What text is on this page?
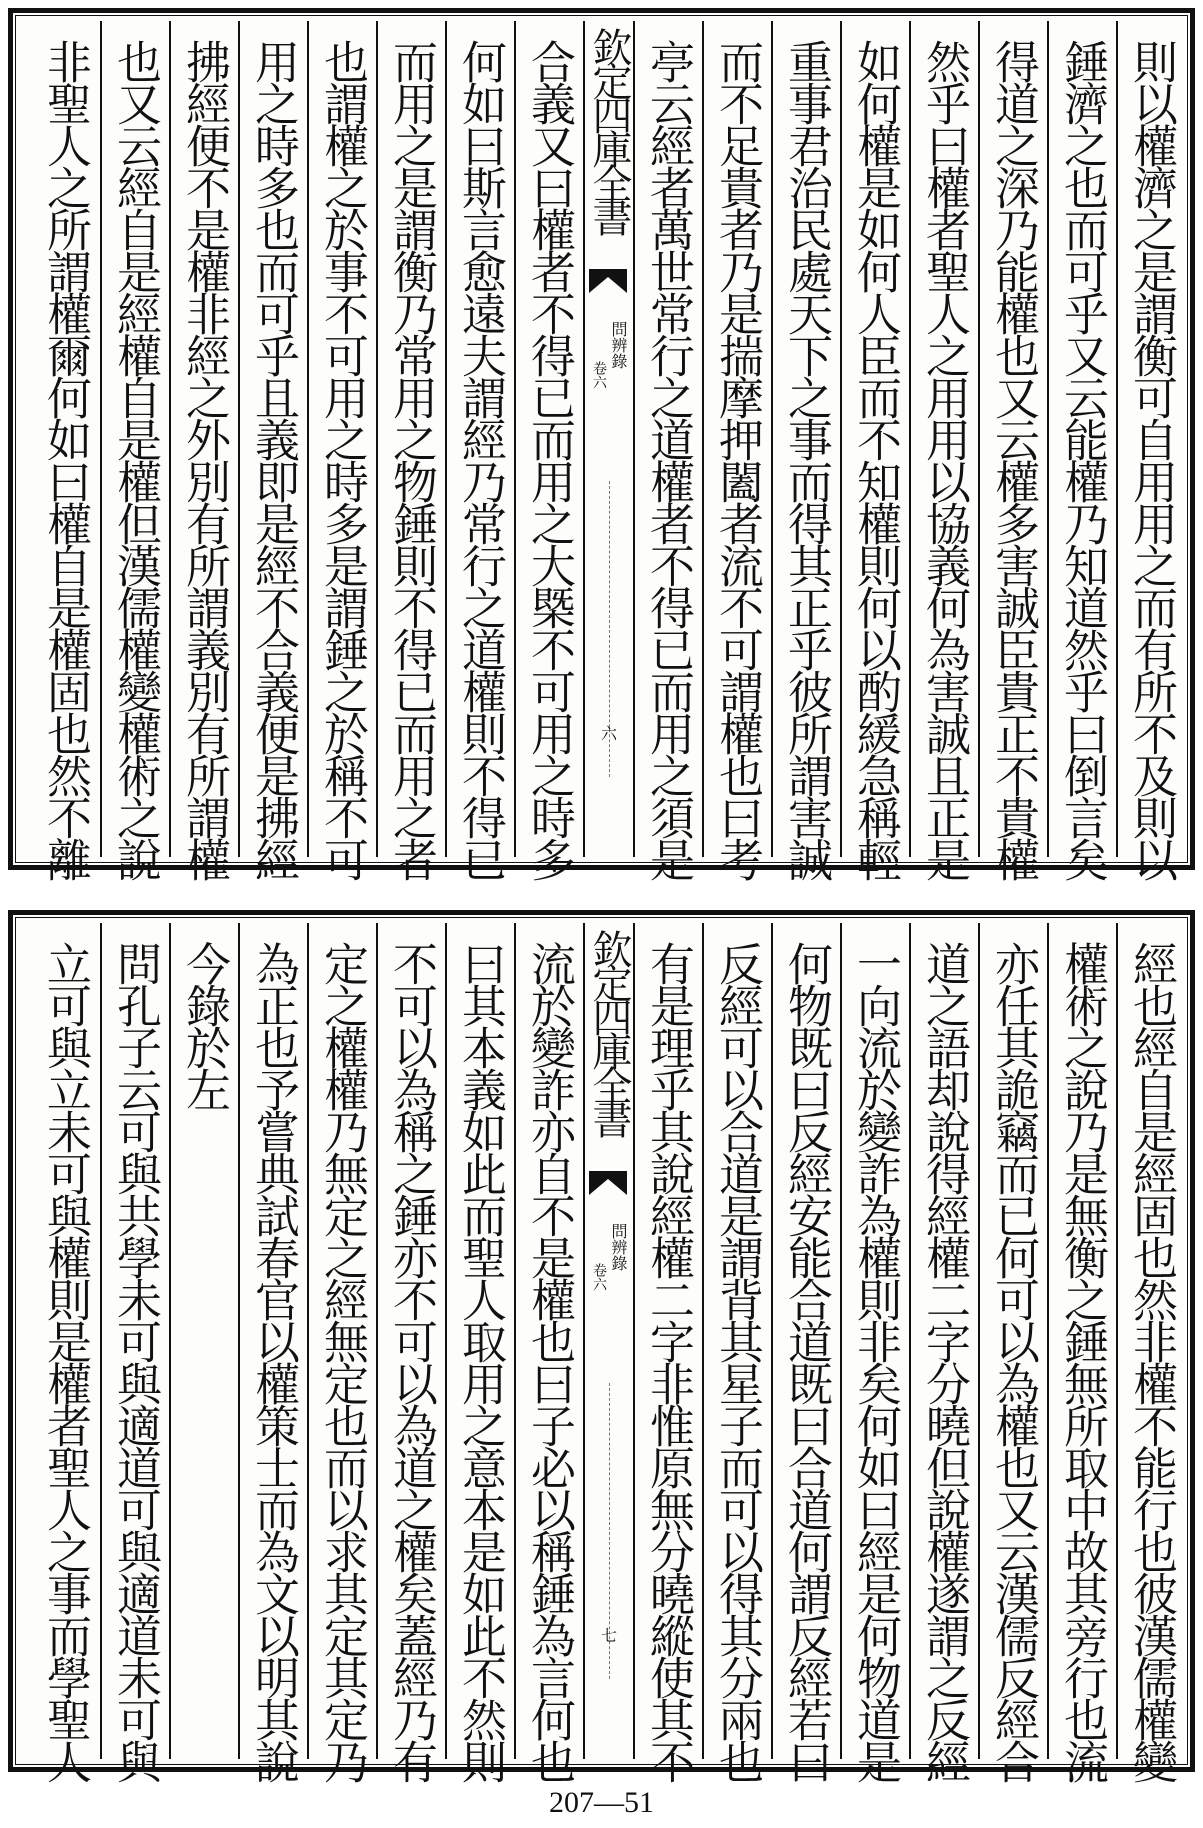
非聖人之所謂權爾何如曰權自是權固也然不離 也又云經自是經權自是權但漢儒權變權術之說 拂經便不是權非經之外別有所謂義別有所謂權 用之時多也而可乎且義即是經不合義便是拂經 也謂權之於事不可用之時多是謂錘之於稱不可 而用之是謂衡乃常用之物錘則不得已而用之者 何如曰斯言愈遠夫謂經乃常行之道權則不得已 合義又曰權者不得已而用之大槩不可用之時多 欽定四庫全書
問辨錄
卷六
六 亭云經者萬世常行之道權者不得已而用之須是 而不足貴者乃是揣摩押闔者流不可謂權也曰考 重事君治民處天下之事而得其正乎彼所謂害誠 如何權是如何人臣而不知權則何以酌緩急稱輕 然乎曰權者聖人之用用以協義何為害誠且正是 得道之深乃能權也又云權多害誠臣貴正不貴權 錘濟之也而可乎又云能權乃知道然乎曰倒言矣 則以權濟之是謂衡可自用用之而有所不及則以
立可與立未可與權則是權者聖人之事而學聖人 問孔子云可與共學未可與適道可與適道未可與 今錄於左 為正也予嘗典試春官以權策士而為文以明其說 定之權權乃無定之經無定也而以求其定其定乃 不可以為稱之錘亦不可以為道之權矣蓋經乃有 曰其本義如此而聖人取用之意本是如此不然則 流於變詐亦自不是權也曰子必以稱錘為言何也 欽定四庫全書
問辨錄
卷六
七 有是理乎其說經權二字非惟原無分曉縱使其不 反經可以合道是謂背其星子而可以得其分兩也 何物既曰反經安能合道既曰合道何謂反經若曰 一向流於變詐為權則非矣何如曰經是何物道是 道之語却說得經權二字分曉但說權遂謂之反經 亦任其詭竊而已何可以為權也又云漢儒反經合 權術之說乃是無衡之錘無所取中故其旁行也流 經也經自是經固也然非權不能行也彼漢儒權變
207—51
